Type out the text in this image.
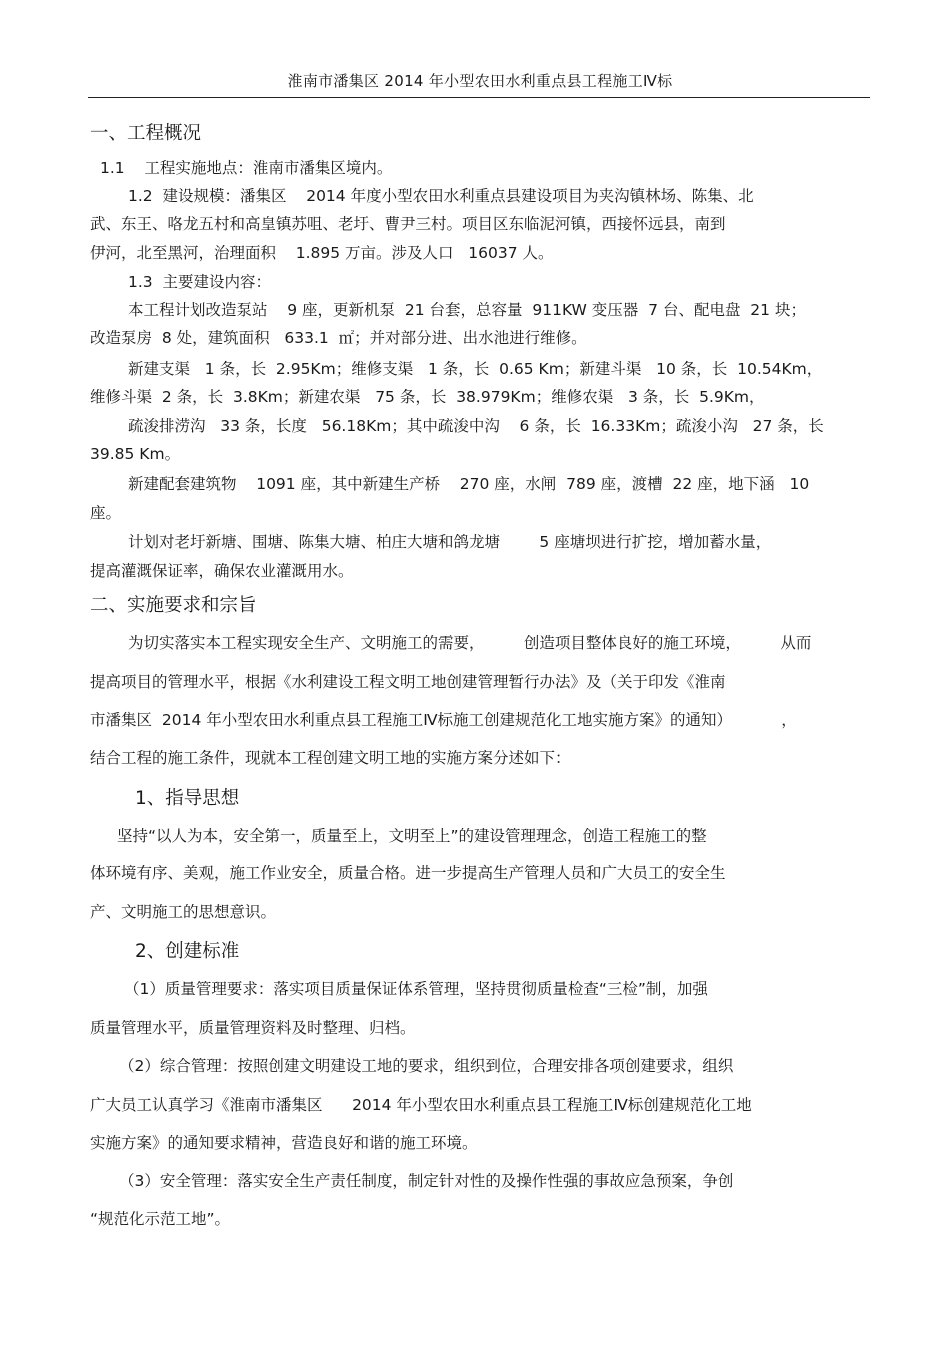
淮南市潘集区 2014 年小型农田水利重点县工程施工Ⅳ标
一、工程概况
1.1    工程实施地点：淮南市潘集区境内。
1.2  建设规模：潘集区    2014 年度小型农田水利重点县建设项目为夹沟镇林场、陈集、北
武、东王、咯龙五村和高皇镇苏咀、老圩、曹尹三村。项目区东临泥河镇，西接怀远县，南到
伊河，北至黑河，治理面积    1.895 万亩。涉及人口   16037 人。
1.3  主要建设内容：
本工程计划改造泵站    9 座，更新机泵  21 台套，总容量  911KW 变压器  7 台、配电盘  21 块；
改造泵房  8 处，建筑面积   633.1  ㎡；并对部分进、出水池进行维修。
新建支渠   1 条，长  2.95Km；维修支渠   1 条，长  0.65 Km；新建斗渠   10 条，长  10.54Km，
维修斗渠  2 条，长  3.8Km；新建农渠   75 条，长  38.979Km；维修农渠   3 条，长  5.9Km，
疏浚排涝沟   33 条，长度   56.18Km；其中疏浚中沟    6 条，长  16.33Km；疏浚小沟   27 条，长
39.85 Km。
新建配套建筑物    1091 座，其中新建生产桥    270 座，水闸  789 座，渡槽  22 座，地下涵   10
座。
计划对老圩新塘、围塘、陈集大塘、柏庄大塘和鸽龙塘        5 座塘坝进行扩挖，增加蓄水量，
提高灌溉保证率，确保农业灌溉用水。
二、实施要求和宗旨
为切实落实本工程实现安全生产、文明施工的需要，        创造项目整体良好的施工环境，        从而
提高项目的管理水平，根据《水利建设工程文明工地创建管理暂行办法》及（关于印发《淮南
市潘集区  2014 年小型农田水利重点县工程施工Ⅳ标施工创建规范化工地实施方案》的通知）          ，
结合工程的施工条件，现就本工程创建文明工地的实施方案分述如下：
1、指导思想
坚持“以人为本，安全第一，质量至上，文明至上”的建设管理理念，创造工程施工的整
体环境有序、美观，施工作业安全，质量合格。进一步提高生产管理人员和广大员工的安全生
产、文明施工的思想意识。
2、创建标准
（1）质量管理要求：落实项目质量保证体系管理，坚持贯彻质量检查“三检”制，加强
质量管理水平，质量管理资料及时整理、归档。
（2）综合管理：按照创建文明建设工地的要求，组织到位，合理安排各项创建要求，组织
广大员工认真学习《淮南市潘集区      2014 年小型农田水利重点县工程施工Ⅳ标创建规范化工地
实施方案》的通知要求精神，营造良好和谐的施工环境。
（3）安全管理：落实安全生产责任制度，制定针对性的及操作性强的事故应急预案，争创
“规范化示范工地”。
